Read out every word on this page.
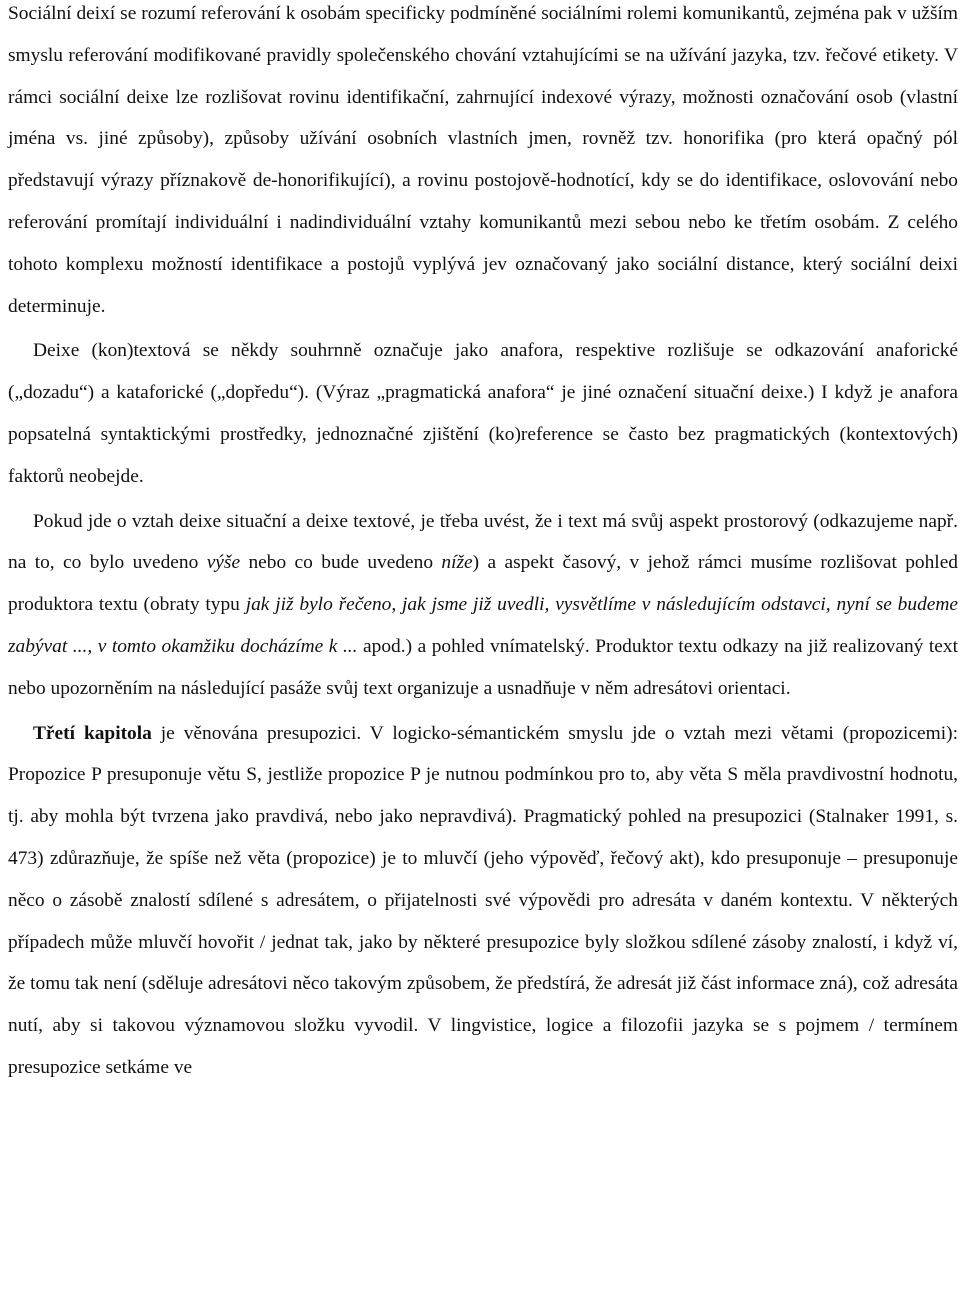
Sociální deixí se rozumí referování k osobám specificky podmíněné sociálními rolemi komunikantů, zejména pak v užším smyslu referování modifikované pravidly společenského chování vztahujícími se na užívání jazyka, tzv. řečové etikety. V rámci sociální deixe lze rozlišovat rovinu identifikační, zahrnující indexové výrazy, možnosti označování osob (vlastní jména vs. jiné způsoby), způsoby užívání osobních vlastních jmen, rovněž tzv. honorifika (pro která opačný pól představují výrazy příznakově de-honorifikující), a rovinu postojově-hodnotící, kdy se do identifikace, oslovování nebo referování promítají individuální i nadindividuální vztahy komunikantů mezi sebou nebo ke třetím osobám. Z celého tohoto komplexu možností identifikace a postojů vyplývá jev označovaný jako sociální distance, který sociální deixi determinuje.

Deixe (kon)textová se někdy souhrnně označuje jako anafora, respektive rozlišuje se odkazování anaforické („dozadu“) a kataforické („dopředu“). (Výraz „pragmatická anafora“ je jiné označení situační deixe.) I když je anafora popsatelná syntaktickými prostředky, jednoznačné zjištění (ko)reference se často bez pragmatických (kontextových) faktorů neobejde.

Pokud jde o vztah deixe situační a deixe textové, je třeba uvést, že i text má svůj aspekt prostorový (odkazujeme např. na to, co bylo uvedeno výše nebo co bude uvedeno níže) a aspekt časový, v jehož rámci musíme rozlišovat pohled produktora textu (obraty typu jak již bylo řečeno, jak jsme již uvedli, vysvětlíme v následujícím odstavci, nyní se budeme zabývat ..., v tomto okamžiku docházíme k ... apod.) a pohled vnímatelský. Produktor textu odkazy na již realizovaný text nebo upozorněním na následující pasáže svůj text organizuje a usnadňuje v něm adresátovi orientaci.

Třetí kapitola je věnována presupozici. V logicko-sémantickém smyslu jde o vztah mezi větami (propozicemi): Propozice P presuponuje větu S, jestliže propozice P je nutnou podmínkou pro to, aby věta S měla pravdivostní hodnotu, tj. aby mohla být tvrzena jako pravdivá, nebo jako nepravdivá). Pragmatický pohled na presupozici (Stalnaker 1991, s. 473) zdůrazňuje, že spíše než věta (propozice) je to mluvčí (jeho výpověď, řečový akt), kdo presuponuje – presuponuje něco o zásobě znalostí sdílené s adresátem, o přijatelnosti své výpovědi pro adresáta v daném kontextu. V některých případech může mluvčí hovořit / jednat tak, jako by některé presupozice byly složkou sdílené zásoby znalostí, i když ví, že tomu tak není (sděluje adresátovi něco takovým způsobem, že předstírá, že adresát již část informace zná), což adresáta nutí, aby si takovou významovou složku vyvodil. V lingvistice, logice a filozofii jazyka se s pojmem / termínem presupozice setkáme ve
